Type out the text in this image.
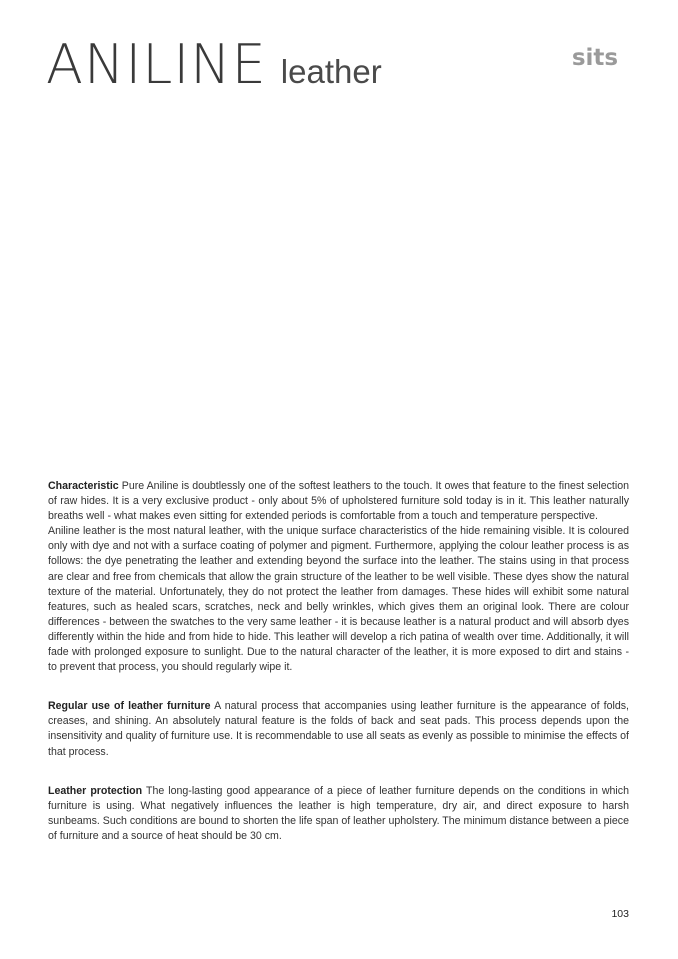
ANILINE leather	sits

Characteristic Pure Aniline is doubtlessly one of the softest leathers to the touch. It owes that feature to the finest selection of raw hides. It is a very exclusive product - only about 5% of upholstered furniture sold today is in it. This leather naturally breaths well - what makes even sitting for extended periods is comfortable from a touch and temperature perspective.

Aniline leather is the most natural leather, with the unique surface characteristics of the hide remaining visible. It is coloured only with dye and not with a surface coating of polymer and pigment. Furthermore, applying the colour leather process is as follows: the dye penetrating the leather and extending beyond the surface into the leather. The stains using in that process are clear and free from chemicals that allow the grain structure of the leather to be well visible. These dyes show the natural texture of the material. Unfortunately, they do not protect the leather from damages. These hides will exhibit some natural features, such as healed scars, scratches, neck and belly wrinkles, which gives them an original look. There are colour differences - between the swatches to the very same leather - it is because leather is a natural product and will absorb dyes differently within the hide and from hide to hide. This leather will develop a rich patina of wealth over time. Additionally, it will fade with prolonged exposure to sunlight. Due to the natural character of the leather, it is more exposed to dirt and stains - to prevent that process, you should regularly wipe it.

Regular use of leather furniture A natural process that accompanies using leather furniture is the appearance of folds, creases, and shining. An absolutely natural feature is the folds of back and seat pads. This process depends upon the insensitivity and quality of furniture use. It is recommendable to use all seats as evenly as possible to minimise the effects of that process.

Leather protection The long-lasting good appearance of a piece of leather furniture depends on the conditions in which furniture is using. What negatively influences the leather is high temperature, dry air, and direct exposure to harsh sunbeams. Such conditions are bound to shorten the life span of leather upholstery. The minimum distance between a piece of furniture and a source of heat should be 30 cm.

103
